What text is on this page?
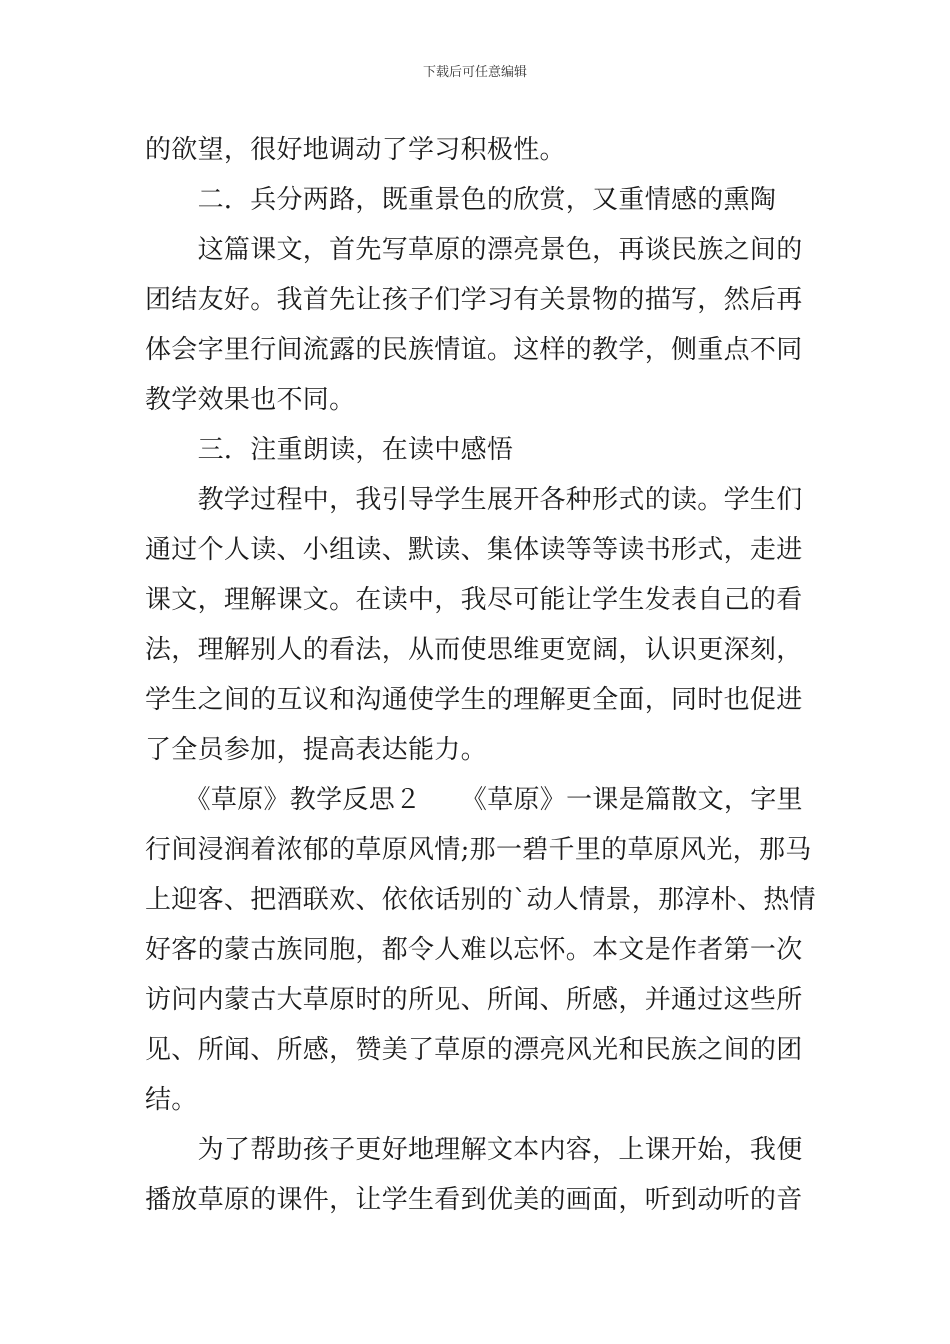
下载后可任意编辑
的欲望，很好地调动了学习积极性。
　　二．兵分两路，既重景色的欣赏，又重情感的熏陶
　　这篇课文，首先写草原的漂亮景色，再谈民族之间的
团结友好。我首先让孩子们学习有关景物的描写，然后再
体会字里行间流露的民族情谊。这样的教学，侧重点不同
教学效果也不同。
　　三．注重朗读，在读中感悟
　　教学过程中，我引导学生展开各种形式的读。学生们
通过个人读、小组读、默读、集体读等等读书形式，走进
课文，理解课文。在读中，我尽可能让学生发表自己的看
法，理解别人的看法，从而使思维更宽阔，认识更深刻，
学生之间的互议和沟通使学生的理解更全面，同时也促进
了全员参加，提高表达能力。
　　《草原》教学反思２　　《草原》一课是篇散文，字里
行间浸润着浓郁的草原风情;那一碧千里的草原风光，那马
上迎客、把酒联欢、依依话别的`动人情景，那淳朴、热情
好客的蒙古族同胞，都令人难以忘怀。本文是作者第一次
访问内蒙古大草原时的所见、所闻、所感，并通过这些所
见、所闻、所感，赞美了草原的漂亮风光和民族之间的团
结。
　　为了帮助孩子更好地理解文本内容，上课开始，我便
播放草原的课件，让学生看到优美的画面，听到动听的音
